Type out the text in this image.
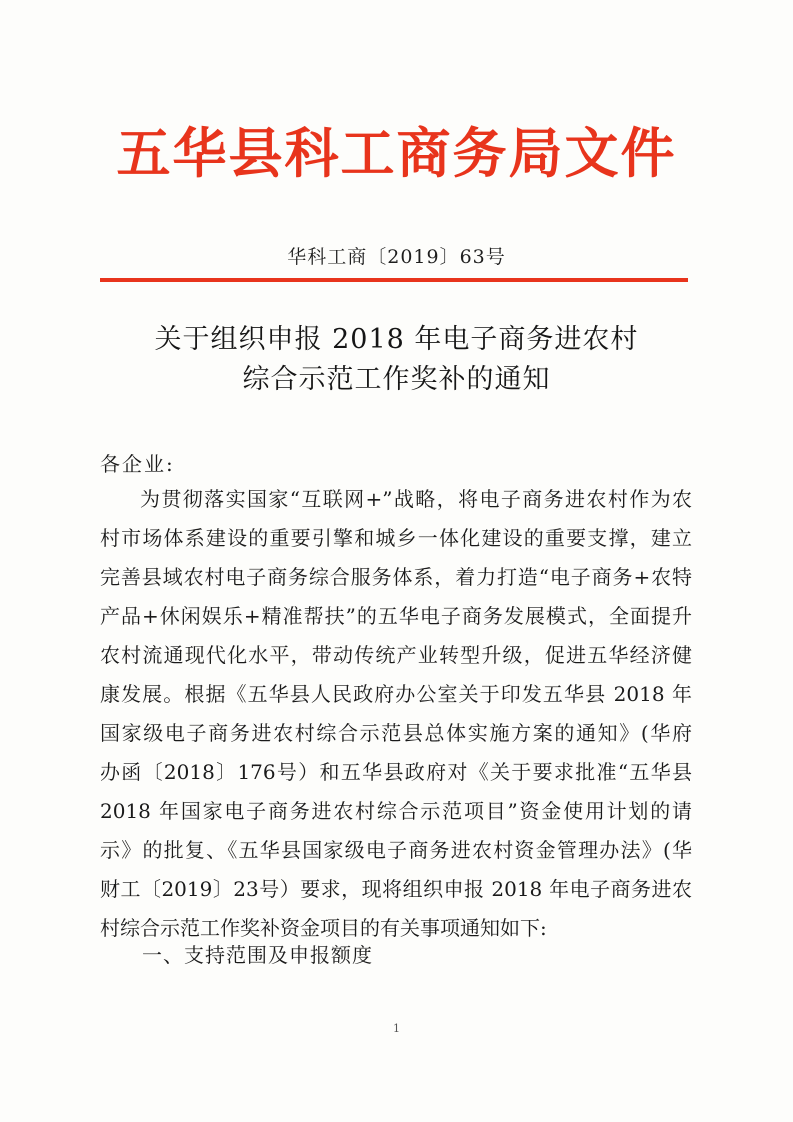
五华县科工商务局文件
华科工商〔2019〕63号
关于组织申报 2018 年电子商务进农村
综合示范工作奖补的通知
各企业:
为贯彻落实国家“互联网+”战略，将电子商务进农村作为农
村市场体系建设的重要引擎和城乡一体化建设的重要支撑，建立
完善县域农村电子商务综合服务体系，着力打造“电子商务+农特
产品+休闲娱乐+精准帮扶”的五华电子商务发展模式，全面提升
农村流通现代化水平，带动传统产业转型升级，促进五华经济健
康发展。根据《五华县人民政府办公室关于印发五华县 2018 年
国家级电子商务进农村综合示范县总体实施方案的通知》(华府
办函〔2018〕176号）和五华县政府对《关于要求批准“五华县
2018 年国家电子商务进农村综合示范项目”资金使用计划的请
示》的批复、《五华县国家级电子商务进农村资金管理办法》(华
财工〔2019〕23号）要求，现将组织申报 2018 年电子商务进农
村综合示范工作奖补资金项目的有关事项通知如下:
一、支持范围及申报额度
1
